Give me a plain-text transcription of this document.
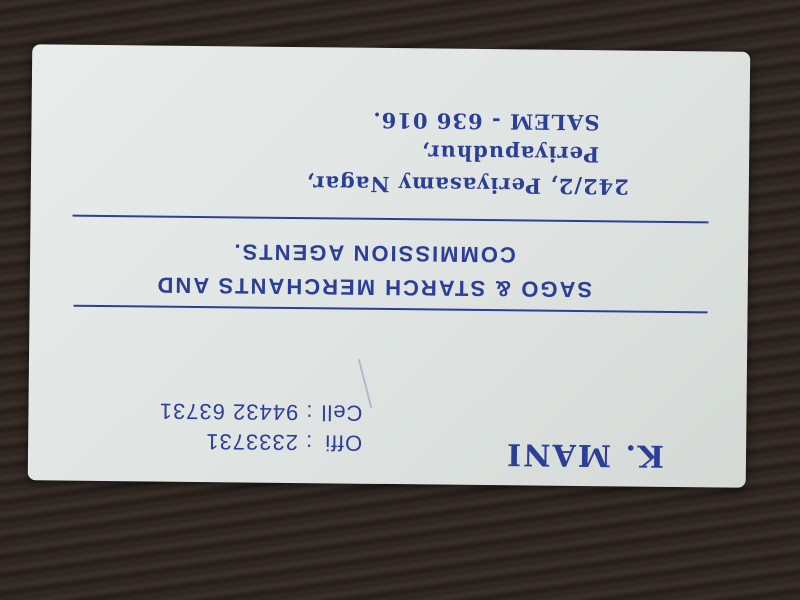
K. MANI
Offi: 2333731
Cell: 94432 63731
SAGO & STARCH MERCHANTS AND
COMMISSION AGENTS.
242/2, Periyasamy Nagar,
Periyapudhur,
SALEM - 636 016.
